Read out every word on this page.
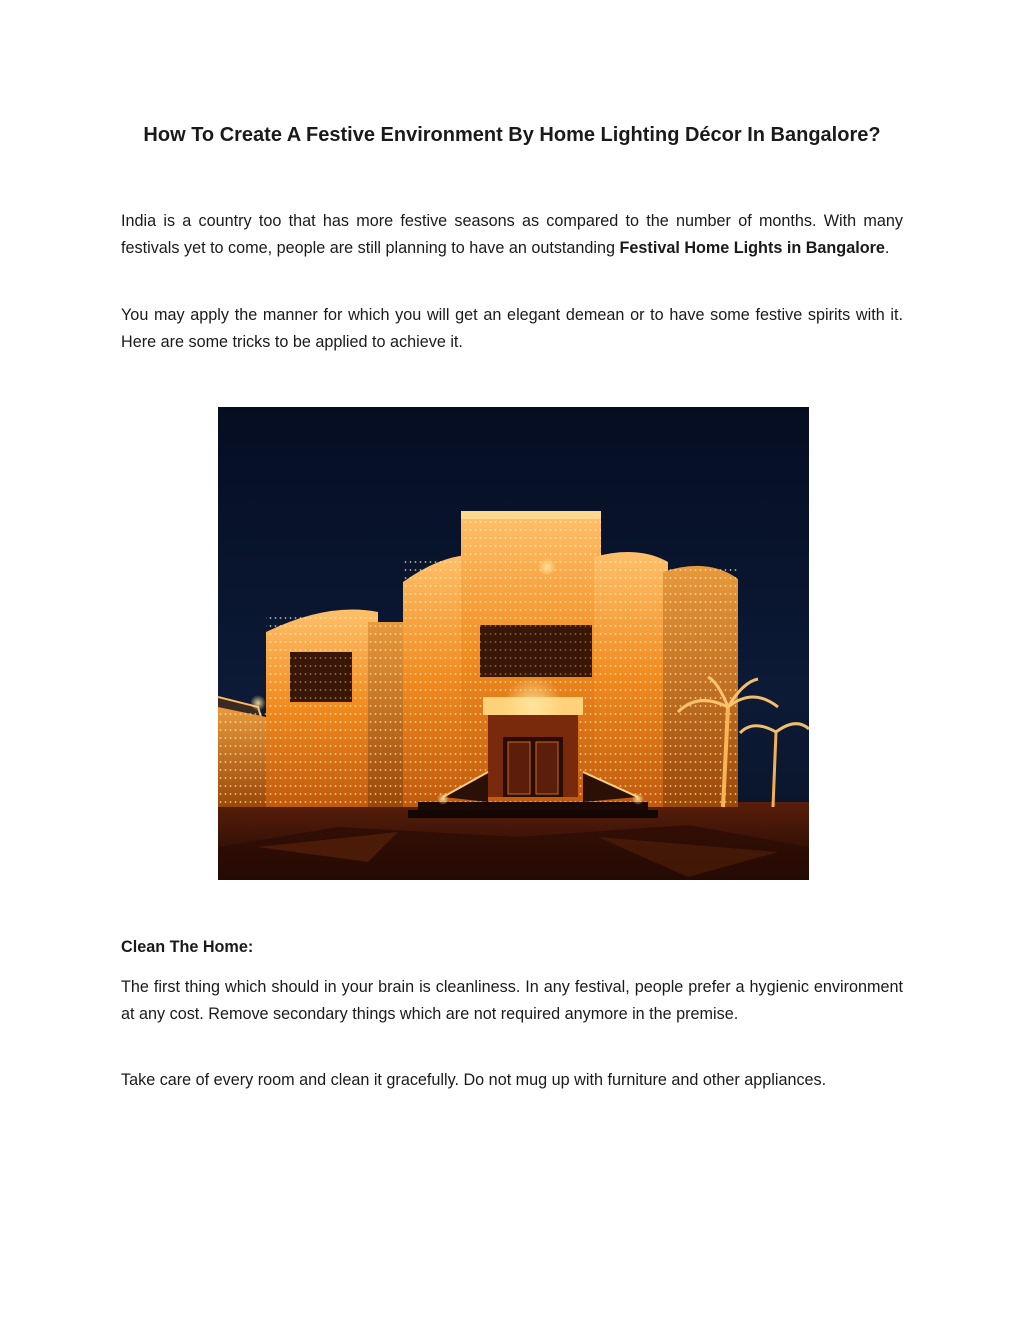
How To Create A Festive Environment By Home Lighting Décor In Bangalore?

India is a country too that has more festive seasons as compared to the number of months. With many festivals yet to come, people are still planning to have an outstanding Festival Home Lights in Bangalore.

You may apply the manner for which you will get an elegant demean or to have some festive spirits with it. Here are some tricks to be applied to achieve it.

Clean The Home:

The first thing which should in your brain is cleanliness. In any festival, people prefer a hygienic environment at any cost. Remove secondary things which are not required anymore in the premise.

Take care of every room and clean it gracefully. Do not mug up with furniture and other appliances.
